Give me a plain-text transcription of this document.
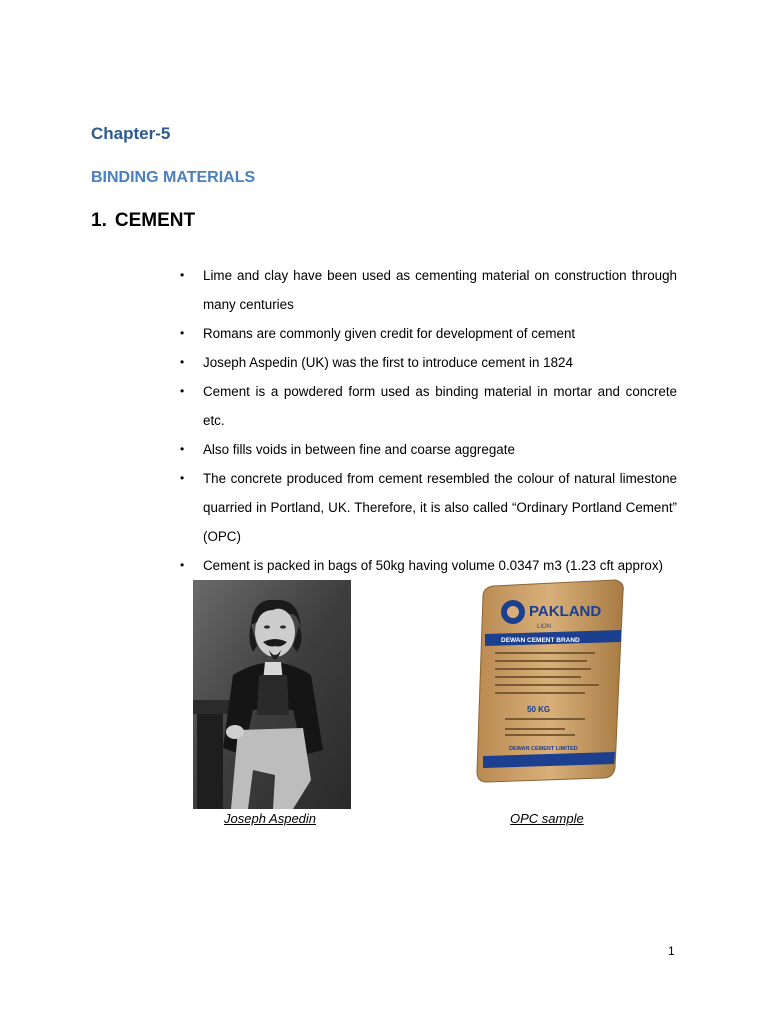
Chapter-5
BINDING MATERIALS
1. CEMENT
• Lime and clay have been used as cementing material on construction through many centuries
• Romans are commonly given credit for development of cement
• Joseph Aspedin (UK) was the first to introduce cement in 1824
• Cement is a powdered form used as binding material in mortar and concrete etc.
• Also fills voids in between fine and coarse aggregate
• The concrete produced from cement resembled the colour of natural limestone quarried in Portland, UK. Therefore, it is also called “Ordinary Portland Cement” (OPC)
• Cement is packed in bags of 50kg having volume 0.0347 m3 (1.23 cft approx)
PAKLAND
LION
DEWAN CEMENT BRAND
50 KG
DEWAN CEMENT LIMITED
Joseph Aspedin	OPC sample
1
